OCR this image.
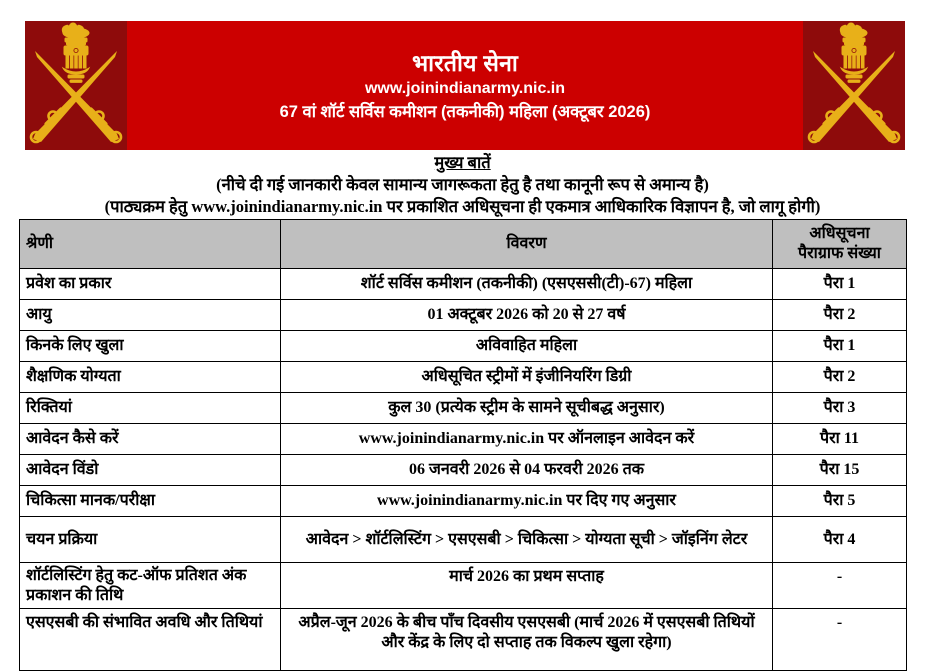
भारतीय सेना
www.joinindianarmy.nic.in
67 वां शॉर्ट सर्विस कमीशन (तकनीकी) महिला (अक्टूबर 2026)
मुख्य बातें
(नीचे दी गई जानकारी केवल सामान्य जागरूकता हेतु है तथा कानूनी रूप से अमान्य है)
(पाठ्यक्रम हेतु www.joinindianarmy.nic.in पर प्रकाशित अधिसूचना ही एकमात्र आधिकारिक विज्ञापन है, जो लागू होगी)
श्रेणी	विवरण	अधिसूचना
पैराग्राफ संख्या

प्रवेश का प्रकार	शॉर्ट सर्विस कमीशन (तकनीकी) (एसएससी(टी)-67) महिला	पैरा 1
आयु	01 अक्टूबर 2026 को 20 से 27 वर्ष	पैरा 2
किनके लिए खुला	अविवाहित महिला	पैरा 1
शैक्षणिक योग्यता	अधिसूचित स्ट्रीमों में इंजीनियरिंग डिग्री	पैरा 2
रिक्तियां	कुल 30 (प्रत्येक स्ट्रीम के सामने सूचीबद्ध अनुसार)	पैरा 3
आवेदन कैसे करें	www.joinindianarmy.nic.in पर ऑनलाइन आवेदन करें	पैरा 11
आवेदन विंडो	06 जनवरी 2026 से 04 फरवरी 2026 तक	पैरा 15
चिकित्सा मानक/परीक्षा	www.joinindianarmy.nic.in पर दिए गए अनुसार	पैरा 5
चयन प्रक्रिया	आवेदन > शॉर्टलिस्टिंग > एसएसबी > चिकित्सा > योग्यता सूची > जॉइनिंग लेटर	पैरा 4
शॉर्टलिस्टिंग हेतु कट-ऑफ प्रतिशत अंक प्रकाशन की तिथि	मार्च 2026 का प्रथम सप्ताह	-
एसएसबी की संभावित अवधि और तिथियां	अप्रैल-जून 2026 के बीच पाँच दिवसीय एसएसबी (मार्च 2026 में एसएसबी तिथियों और केंद्र के लिए दो सप्ताह तक विकल्प खुला रहेगा)	-
